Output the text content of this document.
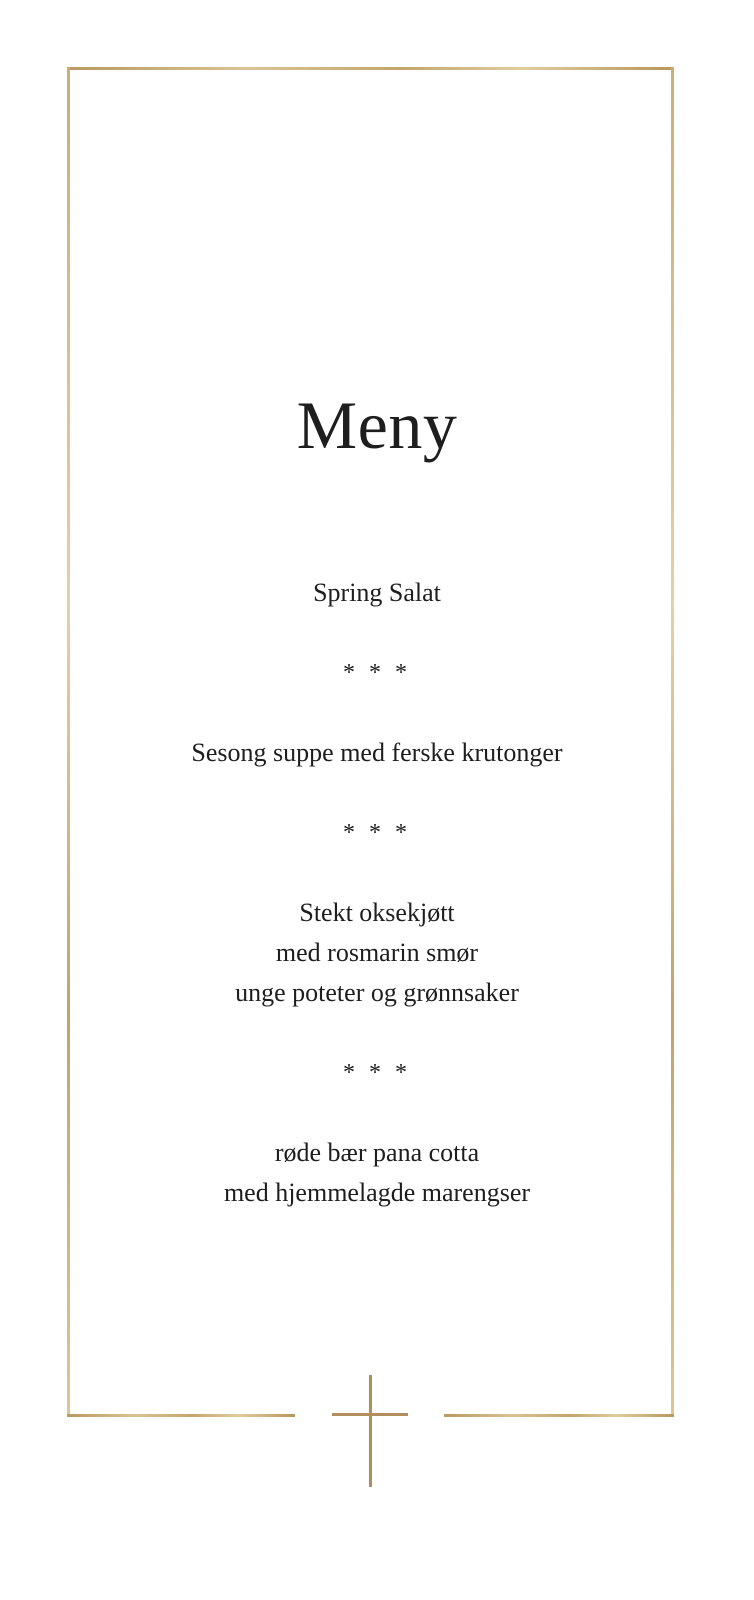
Meny
Spring Salat
* * *
Sesong suppe med ferske krutonger
* * *
Stekt oksekjøtt
med rosmarin smør
unge poteter og grønnsaker
* * *
røde bær pana cotta
med hjemmelagde marengser
